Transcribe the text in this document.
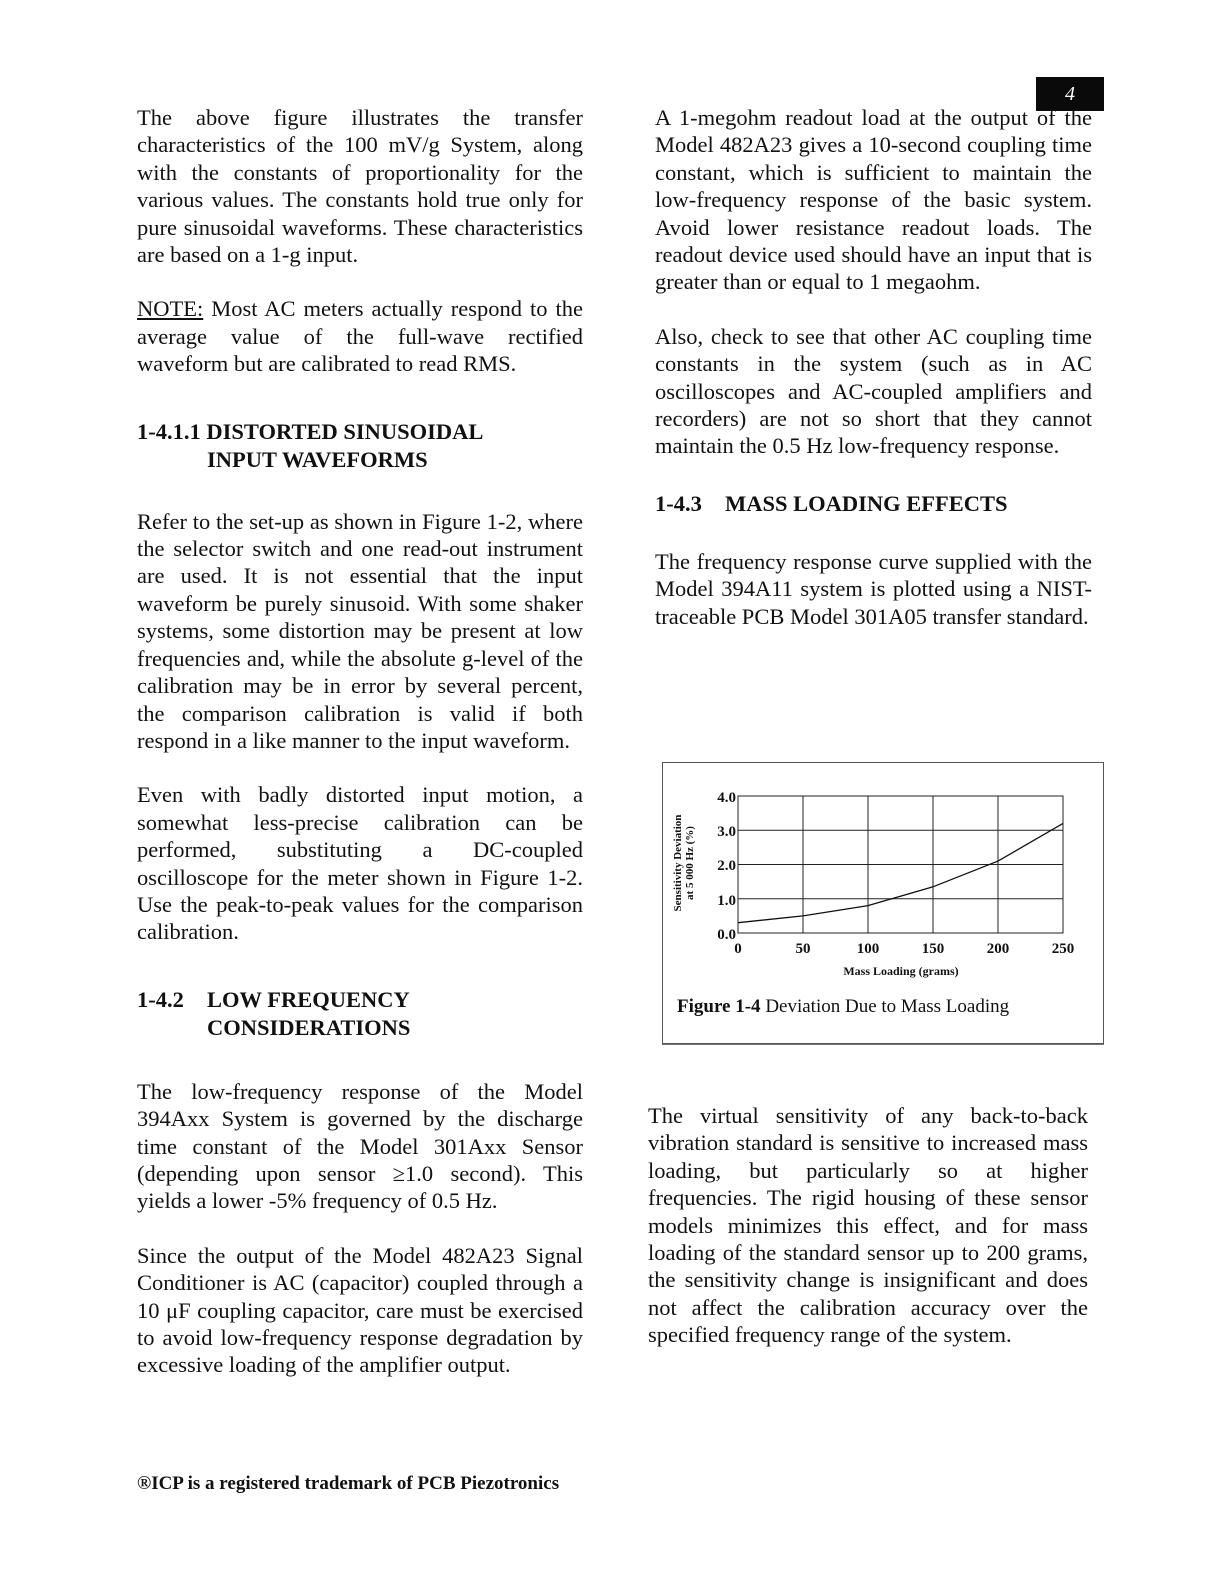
4

The above figure illustrates the transfer characteristics of the 100 mV/g System, along with the constants of proportionality for the various values. The constants hold true only for pure sinusoidal waveforms. These characteristics are based on a 1-g input.

NOTE: Most AC meters actually respond to the average value of the full-wave rectified waveform but are calibrated to read RMS.

1-4.1.1 DISTORTED SINUSOIDAL
INPUT WAVEFORMS

Refer to the set-up as shown in Figure 1-2, where the selector switch and one read-out instrument are used. It is not essential that the input waveform be purely sinusoid. With some shaker systems, some distortion may be present at low frequencies and, while the absolute g-level of the calibration may be in error by several percent, the comparison calibration is valid if both respond in a like manner to the input waveform.

Even with badly distorted input motion, a somewhat less-precise calibration can be performed, substituting a DC-coupled oscilloscope for the meter shown in Figure 1-2. Use the peak-to-peak values for the comparison calibration.

1-4.2 LOW FREQUENCY
CONSIDERATIONS

The low-frequency response of the Model 394Axx System is governed by the discharge time constant of the Model 301Axx Sensor (depending upon sensor ≥1.0 second). This yields a lower -5% frequency of 0.5 Hz.

Since the output of the Model 482A23 Signal Conditioner is AC (capacitor) coupled through a 10 μF coupling capacitor, care must be exercised to avoid low-frequency response degradation by excessive loading of the amplifier output.

A 1-megohm readout load at the output of the Model 482A23 gives a 10-second coupling time constant, which is sufficient to maintain the low-frequency response of the basic system. Avoid lower resistance readout loads. The readout device used should have an input that is greater than or equal to 1 megaohm.

Also, check to see that other AC coupling time constants in the system (such as in AC oscilloscopes and AC-coupled amplifiers and recorders) are not so short that they cannot maintain the 0.5 Hz low-frequency response.

1-4.3 MASS LOADING EFFECTS

The frequency response curve supplied with the Model 394A11 system is plotted using a NIST-traceable PCB Model 301A05 transfer standard.

4.0
3.0
2.0
1.0
0.0
0	50	100	150	200	250
Mass Loading (grams)
Sensitivity Deviation at 5 000 Hz (%)
Figure 1-4 Deviation Due to Mass Loading

The virtual sensitivity of any back-to-back vibration standard is sensitive to increased mass loading, but particularly so at higher frequencies. The rigid housing of these sensor models minimizes this effect, and for mass loading of the standard sensor up to 200 grams, the sensitivity change is insignificant and does not affect the calibration accuracy over the specified frequency range of the system.

®ICP is a registered trademark of PCB Piezotronics
